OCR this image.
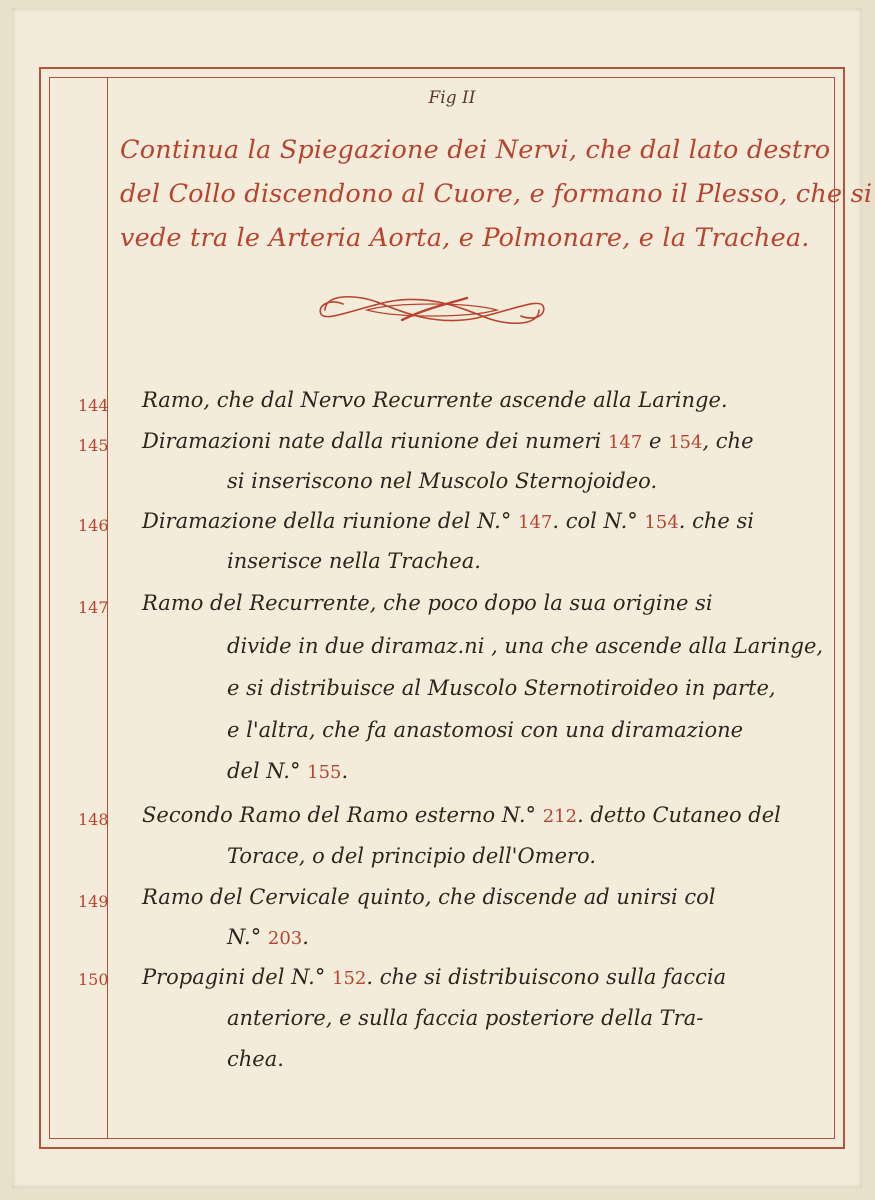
Fig II
Continua la Spiegazione dei Nervi, che dal lato destro
del Collo discendono al Cuore, e formano il Plesso, che si
vede tra le Arteria Aorta, e Polmonare, e la Trachea.
144
145
146
147
148
149
150
Ramo, che dal Nervo Recurrente ascende alla Laringe.
Diramazioni nate dalla riunione dei numeri 147 e 154, che
si inseriscono nel Muscolo Sternojoideo.
Diramazione della riunione del N.° 147. col N.° 154. che si
inserisce nella Trachea.
Ramo del Recurrente, che poco dopo la sua origine si
divide in due diramaz.ni , una che ascende alla Laringe,
e si distribuisce al Muscolo Sternotiroideo in parte,
e l'altra, che fa anastomosi con una diramazione
del N.° 155.
Secondo Ramo del Ramo esterno N.° 212. detto Cutaneo del
Torace, o del principio dell'Omero.
Ramo del Cervicale quinto, che discende ad unirsi col
N.° 203.
Propagini del N.° 152. che si distribuiscono sulla faccia
anteriore, e sulla faccia posteriore della Tra-
chea.
